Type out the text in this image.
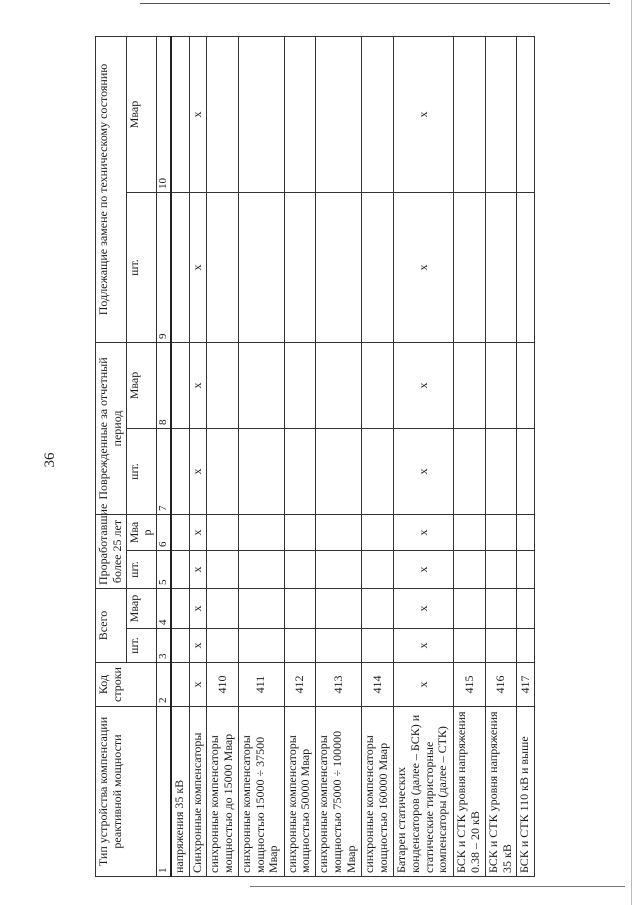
36
Тип устройства компенсации реактивной мощности	Код строки	Всего		Проработавшие более 25 лет		Поврежденные за отчетный период		Подлежащие замене по техническому состоянию	
		шт.	Мвар	шт.	Мва р	шт.	Мвар	шт.	Мвар
1	2	3	4	5	6	7	8	9	10
напряжения 35 кВ									
Синхронные компенсаторы	x	x	x	x	x	x	x	x	x
синхронные компенсаторы мощностью до 15000 Мвар	410								
синхронные компенсаторы мощностью 15000 ÷ 37500 Мвар	411								
синхронные компенсаторы мощностью 50000 Мвар	412								
синхронные компенсаторы мощностью 75000 ÷ 100000 Мвар	413								
синхронные компенсаторы мощностью 160000 Мвар	414								
Батареи статических конденсаторов (далее – БСК) и статические тиристорные компенсаторы (далее – СТК)	x	x	x	x	x	x	x	x	x
БСК и СТК уровня напряжения 0.38 – 20 кВ	415								
БСК и СТК уровня напряжения 35 кВ	416								
БСК и СТК 110 кВ и выше	417								
